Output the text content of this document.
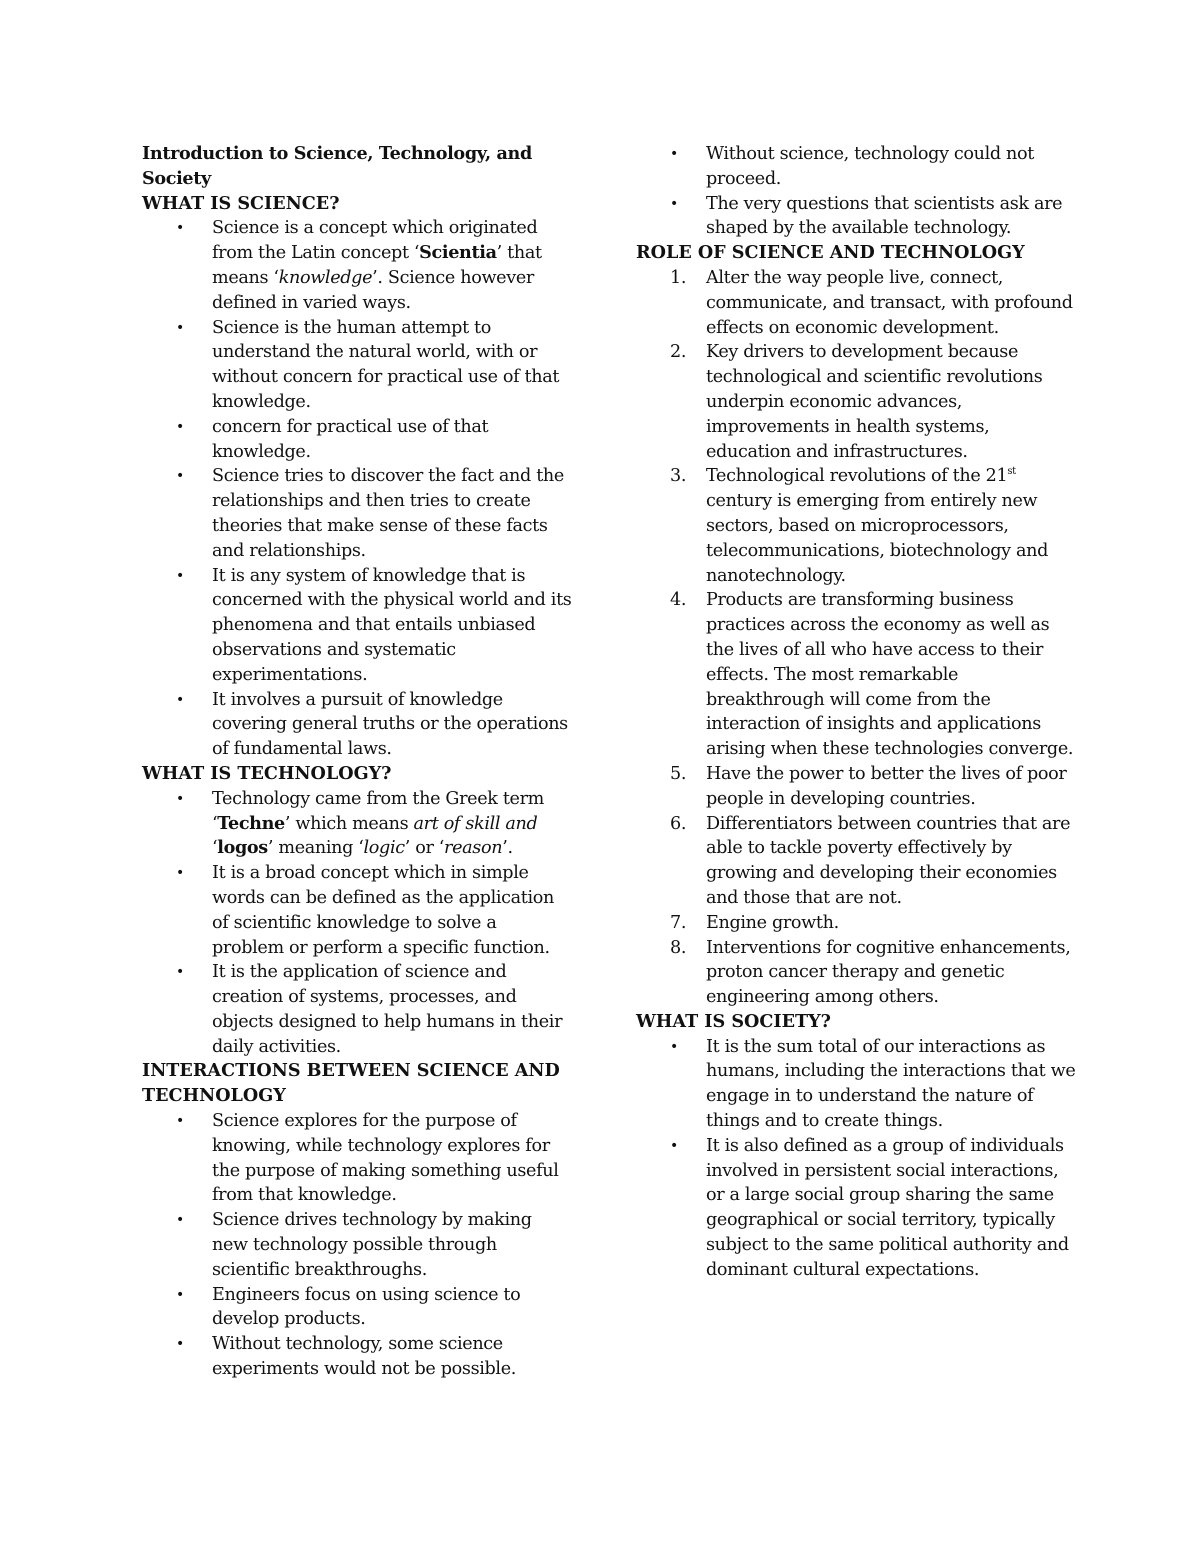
Introduction to Science, Technology, and Society

WHAT IS SCIENCE?

• Science is a concept which originated from the Latin concept ‘Scientia’ that means ‘knowledge’. Science however defined in varied ways.
• Science is the human attempt to understand the natural world, with or without concern for practical use of that knowledge.
• concern for practical use of that knowledge.
• Science tries to discover the fact and the relationships and then tries to create theories that make sense of these facts and relationships.
• It is any system of knowledge that is concerned with the physical world and its phenomena and that entails unbiased observations and systematic experimentations.
• It involves a pursuit of knowledge covering general truths or the operations of fundamental laws.

WHAT IS TECHNOLOGY?

• Technology came from the Greek term ‘Techne’ which means art of skill and ‘logos’ meaning ‘logic’ or ‘reason’.
• It is a broad concept which in simple words can be defined as the application of scientific knowledge to solve a problem or perform a specific function.
• It is the application of science and creation of systems, processes, and objects designed to help humans in their daily activities.

INTERACTIONS BETWEEN SCIENCE AND TECHNOLOGY

• Science explores for the purpose of knowing, while technology explores for the purpose of making something useful from that knowledge.
• Science drives technology by making new technology possible through scientific breakthroughs.
• Engineers focus on using science to develop products.
• Without technology, some science experiments would not be possible.
• Without science, technology could not proceed.
• The very questions that scientists ask are shaped by the available technology.

ROLE OF SCIENCE AND TECHNOLOGY

1.	Alter the way people live, connect, communicate, and transact, with profound effects on economic development.
2.	Key drivers to development because technological and scientific revolutions underpin economic advances, improvements in health systems, education and infrastructures.
3.	Technological revolutions of the 21st century is emerging from entirely new sectors, based on microprocessors, telecommunications, biotechnology and nanotechnology.
4.	Products are transforming business practices across the economy as well as the lives of all who have access to their effects. The most remarkable breakthrough will come from the interaction of insights and applications arising when these technologies converge.
5.	Have the power to better the lives of poor people in developing countries.
6.	Differentiators between countries that are able to tackle poverty effectively by growing and developing their economies and those that are not.
7.	Engine growth.
8.	Interventions for cognitive enhancements, proton cancer therapy and genetic engineering among others.

WHAT IS SOCIETY?

• It is the sum total of our interactions as humans, including the interactions that we engage in to understand the nature of things and to create things.
• It is also defined as a group of individuals involved in persistent social interactions, or a large social group sharing the same geographical or social territory, typically subject to the same political authority and dominant cultural expectations.
